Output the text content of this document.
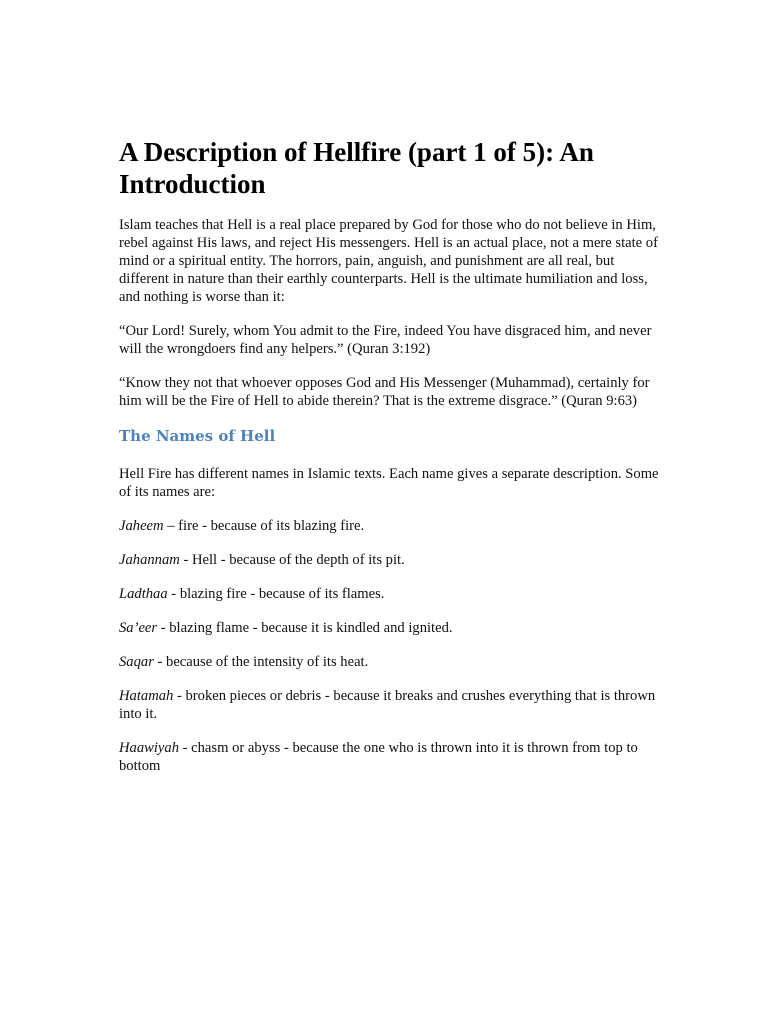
A Description of Hellfire (part 1 of 5): An Introduction

Islam teaches that Hell is a real place prepared by God for those who do not believe in Him, rebel against His laws, and reject His messengers. Hell is an actual place, not a mere state of mind or a spiritual entity. The horrors, pain, anguish, and punishment are all real, but different in nature than their earthly counterparts. Hell is the ultimate humiliation and loss, and nothing is worse than it:

“Our Lord! Surely, whom You admit to the Fire, indeed You have disgraced him, and never will the wrongdoers find any helpers.” (Quran 3:192)

“Know they not that whoever opposes God and His Messenger (Muhammad), certainly for him will be the Fire of Hell to abide therein? That is the extreme disgrace.” (Quran 9:63)

The Names of Hell

Hell Fire has different names in Islamic texts. Each name gives a separate description. Some of its names are:

Jaheem – fire - because of its blazing fire.

Jahannam - Hell - because of the depth of its pit.

Ladthaa - blazing fire - because of its flames.

Sa’eer - blazing flame - because it is kindled and ignited.

Saqar - because of the intensity of its heat.

Hatamah - broken pieces or debris - because it breaks and crushes everything that is thrown into it.

Haawiyah - chasm or abyss - because the one who is thrown into it is thrown from top to bottom
